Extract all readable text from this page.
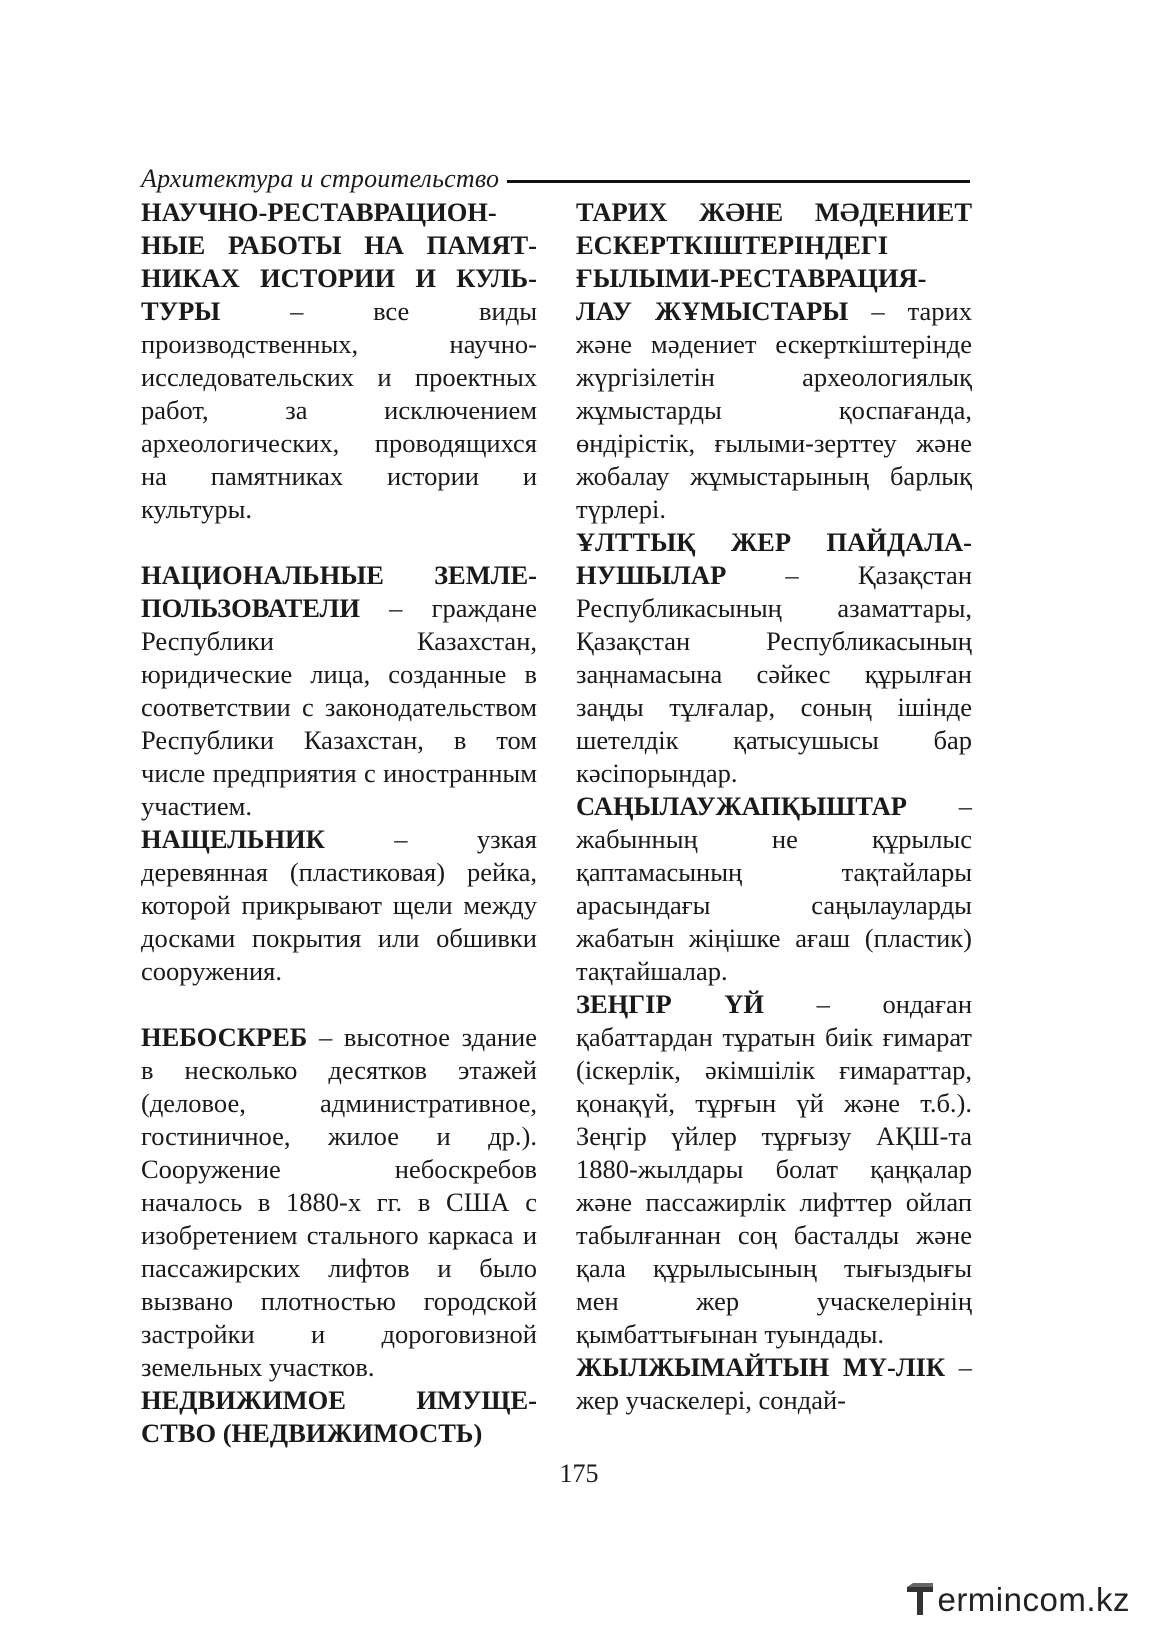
Архитектура и строительство

НАУЧНО-РЕСТАВРАЦИОН-НЫЕ РАБОТЫ НА ПАМЯТ-НИКАХ ИСТОРИИ И КУЛЬ-ТУРЫ – все виды производственных, научно-исследовательских и проектных работ, за исключением археологических, проводящихся на памятниках истории и культуры.

НАЦИОНАЛЬНЫЕ ЗЕМЛЕ-ПОЛЬЗОВАТЕЛИ – граждане Республики Казахстан, юридические лица, созданные в соответствии с законодательством Республики Казахстан, в том числе предприятия с иностранным участием.

НАЩЕЛЬНИК – узкая деревянная (пластиковая) рейка, которой прикрывают щели между досками покрытия или обшивки сооружения.

НЕБОСКРЕБ – высотное здание в несколько десятков этажей (деловое, административное, гостиничное, жилое и др.). Сооружение небоскребов началось в 1880-х гг. в США с изобретением стального каркаса и пассажирских лифтов и было вызвано плотностью городской застройки и дороговизной земельных участков.

НЕДВИЖИМОЕ ИМУЩЕ-СТВО (НЕДВИЖИМОСТЬ)

ТАРИХ ЖӘНЕ МӘДЕНИЕТ ЕСКЕРТКІШТЕРІНДЕГІ ҒЫЛЫМИ-РЕСТАВРАЦИЯ-ЛАУ ЖҰМЫСТАРЫ – тарих және мәдениет ескерткіштерінде жүргізілетін археологиялық жұмыстарды қоспағанда, өндірістік, ғылыми-зерттеу және жобалау жұмыстарының барлық түрлері.

ҰЛТТЫҚ ЖЕР ПАЙДАЛА-НУШЫЛАР – Қазақстан Республикасының азаматтары, Қазақстан Республикасының заңнамасына сәйкес құрылған заңды тұлғалар, соның ішінде шетелдік қатысушысы бар кәсіпорындар.

САҢЫЛАУЖАПҚЫШТАР – жабынның не құрылыс қаптамасының тақтайлары арасындағы саңылауларды жабатын жіңішке ағаш (пластик) тақтайшалар.

ЗЕҢГІР ҮЙ – ондаған қабаттардан тұратын биік ғимарат (іскерлік, әкімшілік ғимараттар, қонақүй, тұрғын үй және т.б.). Зеңгір үйлер тұрғызу АҚШ-та 1880-жылдары болат қаңқалар және пассажирлік лифттер ойлап табылғаннан соң басталды және қала құрылысының тығыздығы мен жер учаскелерінің қымбаттығынан туындады.

ЖЫЛЖЫМАЙТЫН МҮ-ЛІК – жер учаскелері, сондай-

175
ermincom.kz
